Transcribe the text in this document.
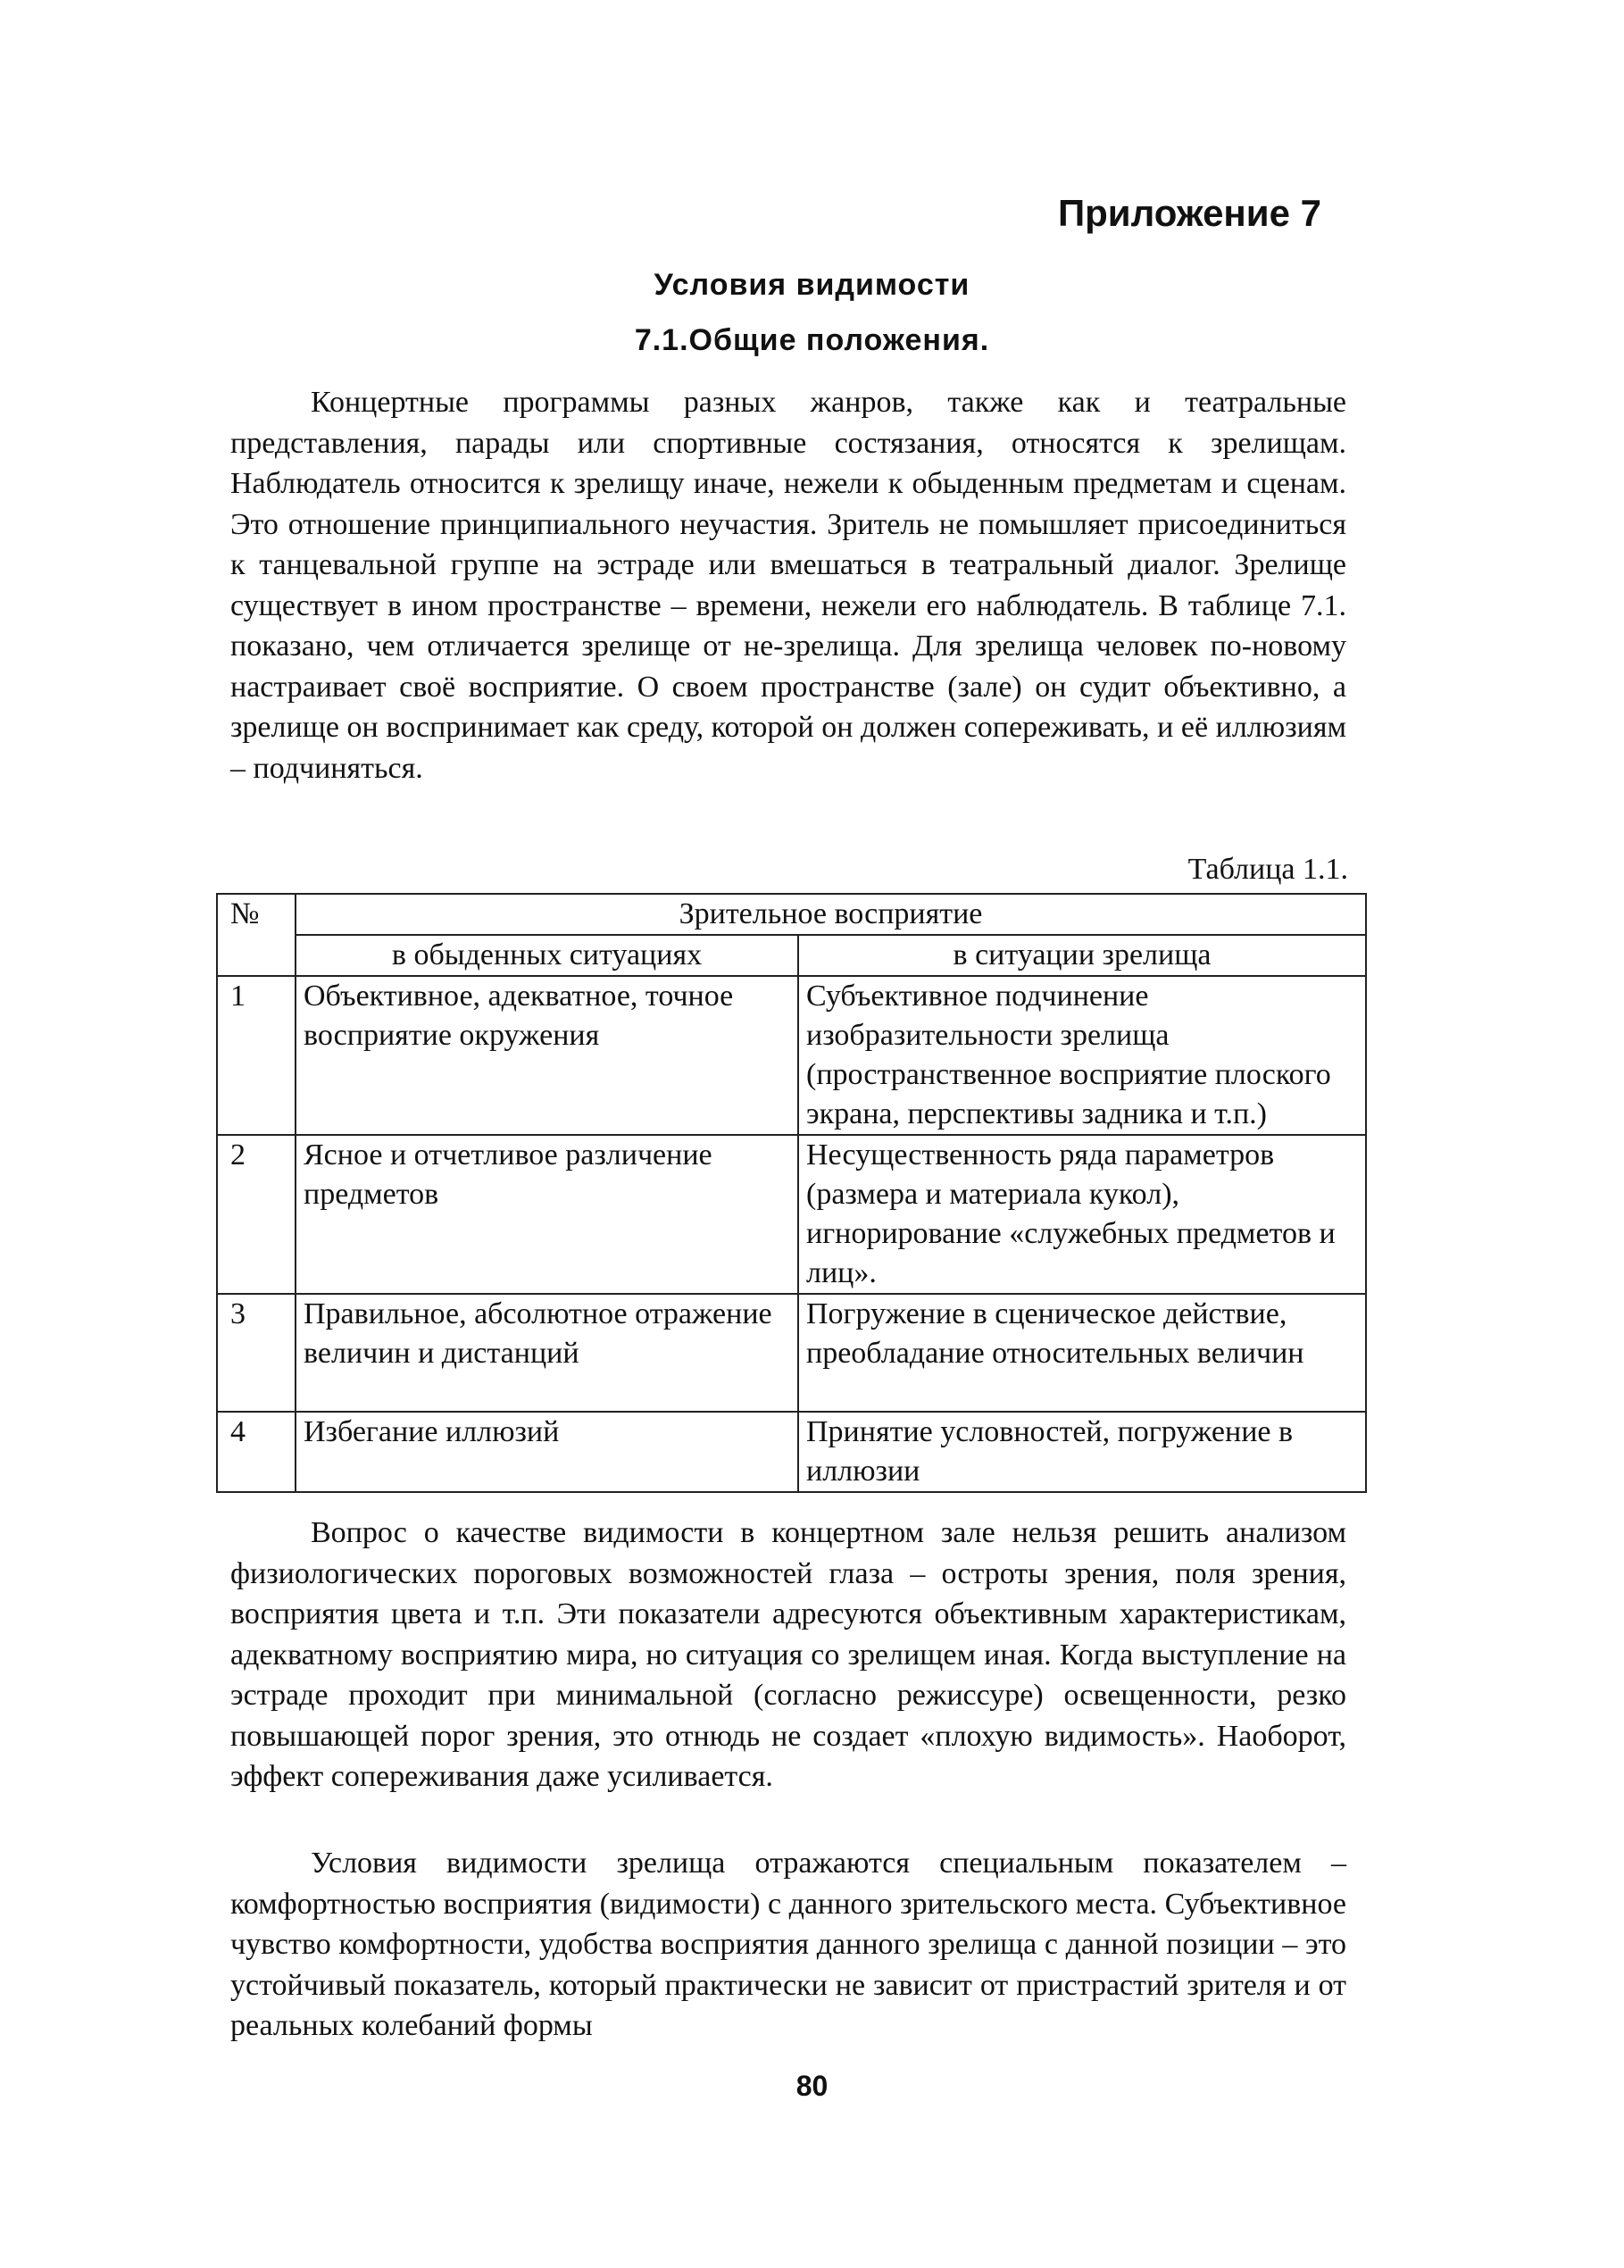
Приложение 7
Условия видимости
7.1.Общие положения.

Концертные программы разных жанров, также как и театральные представления, парады или спортивные состязания, относятся к зрелищам. Наблюдатель относится к зрелищу иначе, нежели к обыденным предметам и сценам. Это отношение принципиального неучастия. Зритель не помышляет присоединиться к танцевальной группе на эстраде или вмешаться в театральный диалог. Зрелище существует в ином пространстве – времени, нежели его наблюдатель. В таблице 7.1. показано, чем отличается зрелище от не-зрелища. Для зрелища человек по-новому настраивает своё восприятие. О своем пространстве (зале) он судит объективно, а зрелище он воспринимает как среду, которой он должен сопереживать, и её иллюзиям – подчиняться.

Таблица 1.1.
№	Зрительное восприятие	
	в обыденных ситуациях	в ситуации зрелища
1	Объективное, адекватное, точное восприятие окружения	Субъективное подчинение изобразительности зрелища (пространственное восприятие плоского экрана, перспективы задника и т.п.)
2	Ясное и отчетливое различение предметов	Несущественность ряда параметров (размера и материала кукол), игнорирование «служебных предметов и лиц».
3	Правильное, абсолютное отражение величин и дистанций	Погружение в сценическое действие, преобладание относительных величин
4	Избегание иллюзий	Принятие условностей, погружение в иллюзии

Вопрос о качестве видимости в концертном зале нельзя решить анализом физиологических пороговых возможностей глаза – остроты зрения, поля зрения, восприятия цвета и т.п. Эти показатели адресуются объективным характеристикам, адекватному восприятию мира, но ситуация со зрелищем иная. Когда выступление на эстраде проходит при минимальной (согласно режиссуре) освещенности, резко повышающей порог зрения, это отнюдь не создает «плохую видимость». Наоборот, эффект сопереживания даже усиливается.

Условия видимости зрелища отражаются специальным показателем – комфортностью восприятия (видимости) с данного зрительского места. Субъективное чувство комфортности, удобства восприятия данного зрелища с данной позиции – это устойчивый показатель, который практически не зависит от пристрастий зрителя и от реальных колебаний формы

80
